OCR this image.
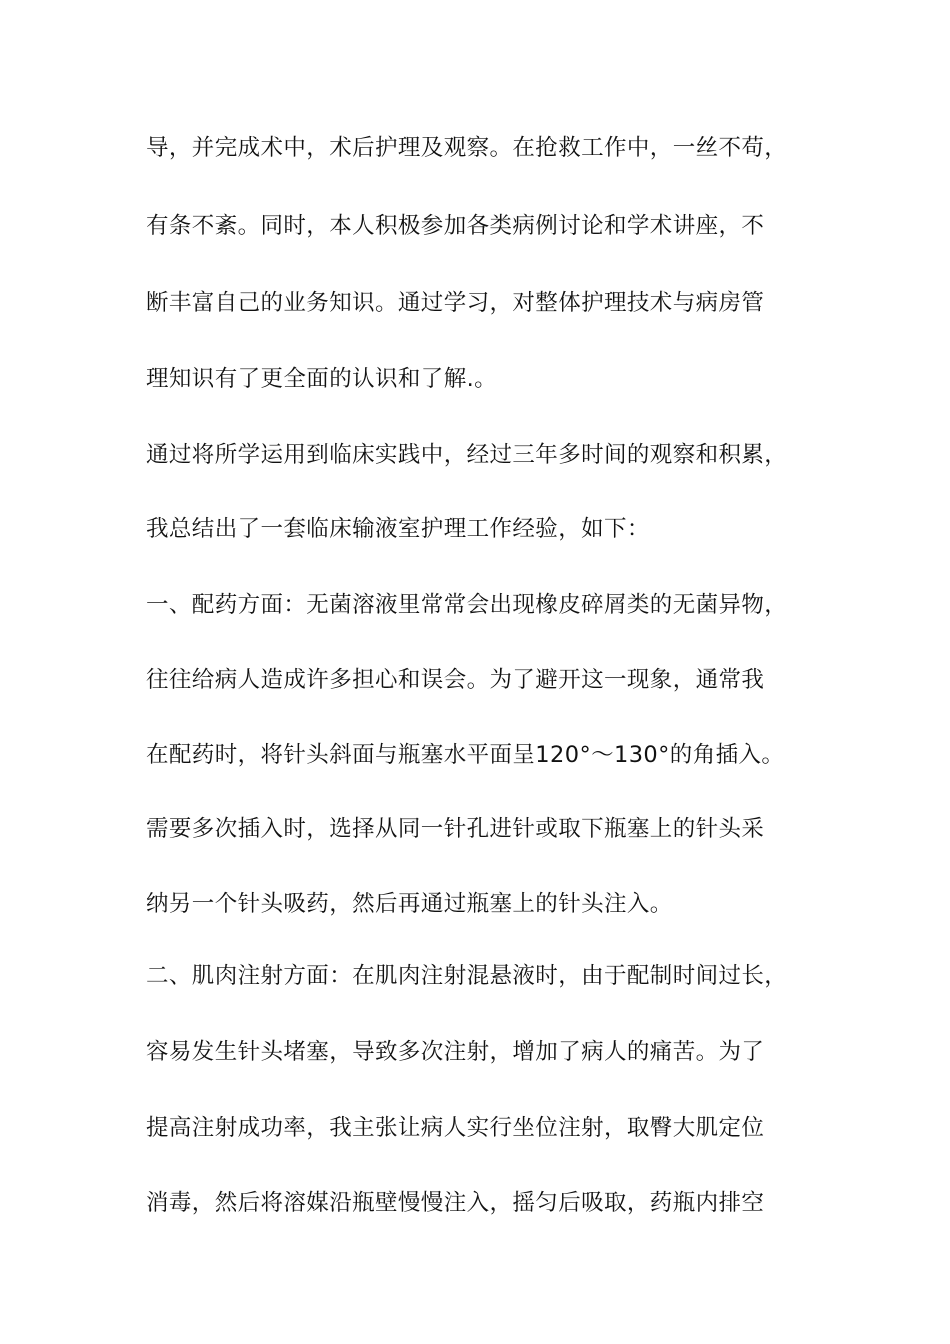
导，并完成术中，术后护理及观察。在抢救工作中，一丝不苟，
有条不紊。同时，本人积极参加各类病例讨论和学术讲座，不
断丰富自己的业务知识。通过学习，对整体护理技术与病房管
理知识有了更全面的认识和了解.。
通过将所学运用到临床实践中，经过三年多时间的观察和积累，
我总结出了一套临床输液室护理工作经验，如下：
一、配药方面：无菌溶液里常常会出现橡皮碎屑类的无菌异物，
往往给病人造成许多担心和误会。为了避开这一现象，通常我
在配药时，将针头斜面与瓶塞水平面呈120°～130°的角插入。
需要多次插入时，选择从同一针孔进针或取下瓶塞上的针头采
纳另一个针头吸药，然后再通过瓶塞上的针头注入。
二、肌肉注射方面：在肌肉注射混悬液时，由于配制时间过长，
容易发生针头堵塞，导致多次注射，增加了病人的痛苦。为了
提高注射成功率，我主张让病人实行坐位注射，取臀大肌定位
消毒，然后将溶媒沿瓶壁慢慢注入，摇匀后吸取，药瓶内排空
